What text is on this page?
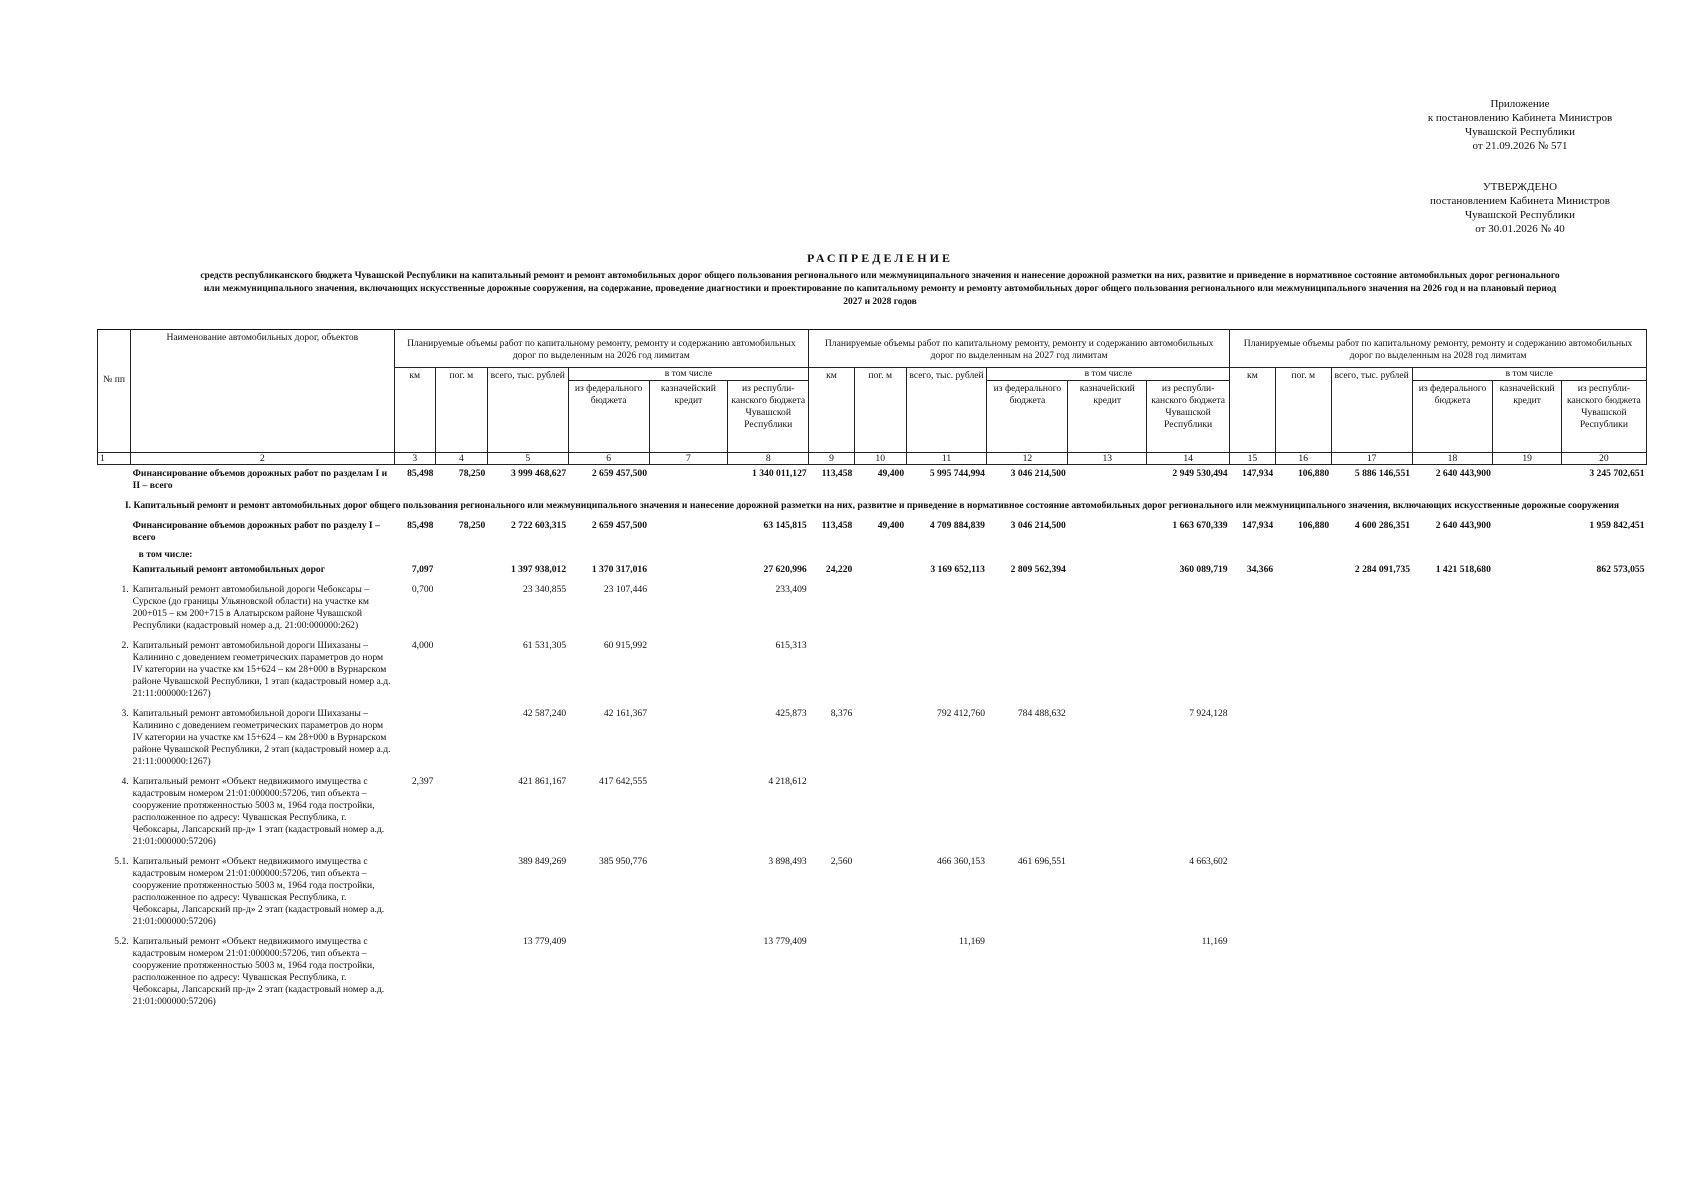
Приложение
к постановлению Кабинета Министров
Чувашской Республики
от 21.09.2026 № 571
УТВЕРЖДЕНО
постановлением Кабинета Министров
Чувашской Республики
от 30.01.2026 № 40
РАСПРЕДЕЛЕНИЕ
средств республиканского бюджета Чувашской Республики на капитальный ремонт и ремонт автомобильных дорог общего пользования регионального или межмуниципального значения и нанесение дорожной разметки на них, развитие и приведение в нормативное состояние автомобильных дорог регионального или межмуниципального значения, включающих искусственные дорожные сооружения, на содержание, проведение диагностики и проектирование по капитальному ремонту и ремонту автомобильных дорог общего пользования регионального или межмуниципального значения на 2026 год и на плановый период 2027 и 2028 годов
№ пп	Наименование автомобильных дорог, объектов	Планируемые объемы работ по капитальному ремонту, ремонту и содержанию автомобильных дорог по выделенным на 2026 год лимитам						Планируемые объемы работ по капитальному ремонту, ремонту и содержанию автомобильных дорог по выделенным на 2027 год лимитам						Планируемые объемы работ по капитальному ремонту, ремонту и содержанию автомобильных дорог по выделенным на 2028 год лимитам					
		км	пог. м	всего, тыс. рублей	в том числе			км	пог. м	всего, тыс. рублей	в том числе			км	пог. м	всего, тыс. рублей	в том числе		
					из федерального бюджета	казначейский кредит	из республи-канского бюджета Чувашской Республики				из федерального бюджета	казначейский кредит	из республи-канского бюджета Чувашской Республики				из федерального бюджета	казначейский кредит	из республи-канского бюджета Чувашской Республики
1	2	3	4	5	6	7	8	9	10	11	12	13	14	15	16	17	18	19	20
	Финансирование объемов дорожных работ по разделам I и II – всего	85,498	78,250	3 999 468,627	2 659 457,500		1 340 011,127	113,458	49,400	5 995 744,994	3 046 214,500		2 949 530,494	147,934	106,880	5 886 146,551	2 640 443,900		3 245 702,651
I. Капитальный ремонт и ремонт автомобильных дорог общего пользования регионального или межмуниципального значения и нанесение дорожной разметки на них, развитие и приведение в нормативное состояние автомобильных дорог регионального или межмуниципального значения, включающих искусственные дорожные сооружения																			
	Финансирование объемов дорожных работ по разделу I – всего	85,498	78,250	2 722 603,315	2 659 457,500		63 145,815	113,458	49,400	4 709 884,839	3 046 214,500		1 663 670,339	147,934	106,880	4 600 286,351	2 640 443,900		1 959 842,451
	в том числе:																		
	Капитальный ремонт автомобильных дорог	7,097		1 397 938,012	1 370 317,016		27 620,996	24,220		3 169 652,113	2 809 562,394		360 089,719	34,366		2 284 091,735	1 421 518,680		862 573,055
1.	Капитальный ремонт автомобильной дороги Чебоксары – Сурское (до границы Ульяновской области) на участке км 200+015 – км 200+715 в Алатырском районе Чувашской Республики (кадастровый номер а.д. 21:00:000000:262)	0,700		23 340,855	23 107,446		233,409												
2.	Капитальный ремонт автомобильной дороги Шихазаны – Калинино с доведением геометрических параметров до норм IV категории на участке км 15+624 – км 28+000 в Вурнарском районе Чувашской Республики, 1 этап (кадастровый номер а.д. 21:11:000000:1267)	4,000		61 531,305	60 915,992		615,313												
3.	Капитальный ремонт автомобильной дороги Шихазаны – Калинино с доведением геометрических параметров до норм IV категории на участке км 15+624 – км 28+000 в Вурнарском районе Чувашской Республики, 2 этап (кадастровый номер а.д. 21:11:000000:1267)			42 587,240	42 161,367		425,873	8,376		792 412,760	784 488,632		7 924,128						
4.	Капитальный ремонт «Объект недвижимого имущества с кадастровым номером 21:01:000000:57206, тип объекта – сооружение протяженностью 5003 м, 1964 года постройки, расположенное по адресу: Чувашская Республика, г. Чебоксары, Лапсарский пр-д» 1 этап (кадастровый номер а.д. 21:01:000000:57206)	2,397		421 861,167	417 642,555		4 218,612												
5.1.	Капитальный ремонт «Объект недвижимого имущества с кадастровым номером 21:01:000000:57206, тип объекта – сооружение протяженностью 5003 м, 1964 года постройки, расположенное по адресу: Чувашская Республика, г. Чебоксары, Лапсарский пр-д» 2 этап (кадастровый номер а.д. 21:01:000000:57206)			389 849,269	385 950,776		3 898,493	2,560		466 360,153	461 696,551		4 663,602						
5.2.	Капитальный ремонт «Объект недвижимого имущества с кадастровым номером 21:01:000000:57206, тип объекта – сооружение протяженностью 5003 м, 1964 года постройки, расположенное по адресу: Чувашская Республика, г. Чебоксары, Лапсарский пр-д» 2 этап (кадастровый номер а.д. 21:01:000000:57206)			13 779,409			13 779,409			11,169			11,169						
